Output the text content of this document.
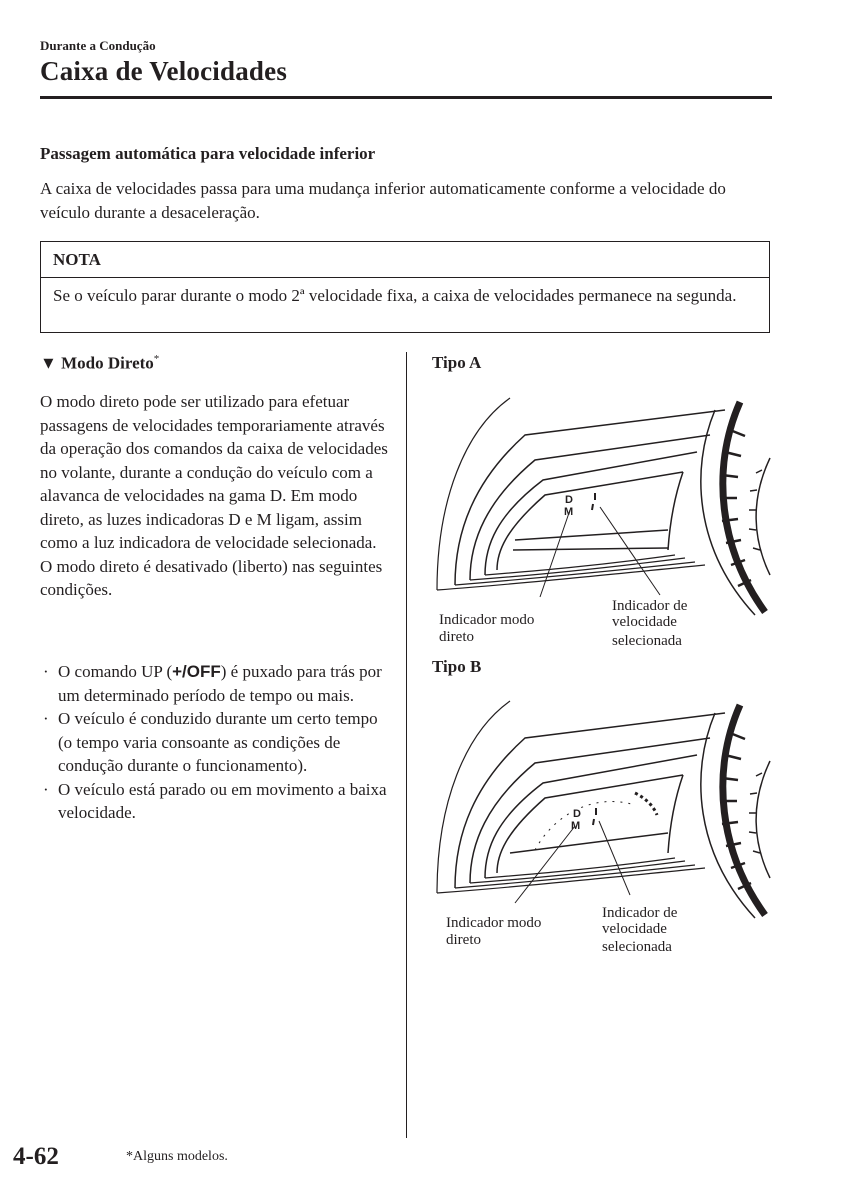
Durante a Condução
Caixa de Velocidades
Passagem automática para velocidade inferior
A caixa de velocidades passa para uma mudança inferior automaticamente conforme a velocidade do veículo durante a desaceleração.
NOTA
Se o veículo parar durante o modo 2ª velocidade fixa, a caixa de velocidades permanece na segunda.
▼ Modo Direto*
O modo direto pode ser utilizado para efetuar passagens de velocidades temporariamente através da operação dos comandos da caixa de velocidades no volante, durante a condução do veículo com a alavanca de velocidades na gama D. Em modo direto, as luzes indicadoras D e M ligam, assim como a luz indicadora de velocidade selecionada.
O modo direto é desativado (liberto) nas seguintes condições.
· O comando UP (+/OFF) é puxado para trás por um determinado período de tempo ou mais.
· O veículo é conduzido durante um certo tempo (o tempo varia consoante as condições de condução durante o funcionamento).
· O veículo está parado ou em movimento a baixa velocidade.
Tipo A
D
M
Indicador modo
Indicador de
velocidade
direto	selecionada
Tipo B
D
M
Indicador modo
Indicador de
velocidade
direto	selecionada
4-62	*Alguns modelos.
